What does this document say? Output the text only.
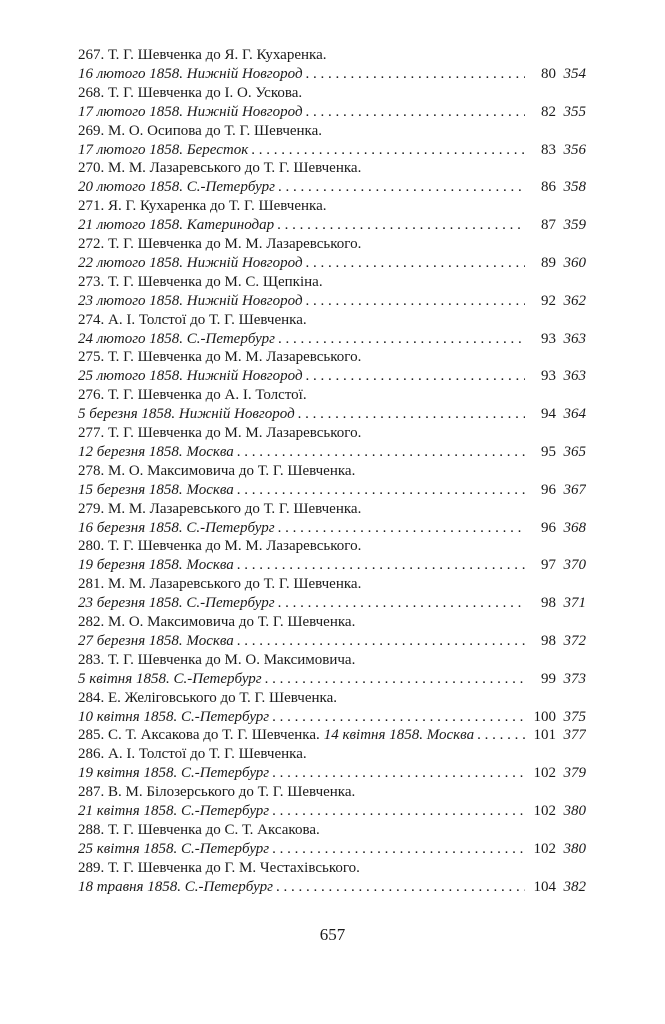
267. Т. Г. Шевченка до Я. Г. Кухаренка.
16 лютого 1858. Нижній Новгород . . .	80 354
268. Т. Г. Шевченка до І. О. Ускова.
17 лютого 1858. Нижній Новгород . . .	82 355
269. М. О. Осипова до Т. Г. Шевченка.
17 лютого 1858. Бересток . . .	83 356
270. М. М. Лазаревського до Т. Г. Шевченка.
20 лютого 1858. С.-Петербург . . .	86 358
271. Я. Г. Кухаренка до Т. Г. Шевченка.
21 лютого 1858. Катеринодар . . .	87 359
272. Т. Г. Шевченка до М. М. Лазаревського.
22 лютого 1858. Нижній Новгород . . .	89 360
273. Т. Г. Шевченка до М. С. Щепкіна.
23 лютого 1858. Нижній Новгород . . .	92 362
274. А. І. Толстої до Т. Г. Шевченка.
24 лютого 1858. С.-Петербург . . .	93 363
275. Т. Г. Шевченка до М. М. Лазаревського.
25 лютого 1858. Нижній Новгород . . .	93 363
276. Т. Г. Шевченка до А. І. Толстої.
5 березня 1858. Нижній Новгород . . .	94 364
277. Т. Г. Шевченка до М. М. Лазаревського.
12 березня 1858. Москва . . .	95 365
278. М. О. Максимовича до Т. Г. Шевченка.
15 березня 1858. Москва . . .	96 367
279. М. М. Лазаревського до Т. Г. Шевченка.
16 березня 1858. С.-Петербург . . .	96 368
280. Т. Г. Шевченка до М. М. Лазаревського.
19 березня 1858. Москва . . .	97 370
281. М. М. Лазаревського до Т. Г. Шевченка.
23 березня 1858. С.-Петербург . . .	98 371
282. М. О. Максимовича до Т. Г. Шевченка.
27 березня 1858. Москва . . .	98 372
283. Т. Г. Шевченка до М. О. Максимовича.
5 квітня 1858. С.-Петербург . . .	99 373
284. Е. Желіговського до Т. Г. Шевченка.
10 квітня 1858. С.-Петербург . . .	100 375
285. С. Т. Аксакова до Т. Г. Шевченка. 14 квітня 1858. Москва . . .	101 377
286. А. І. Толстої до Т. Г. Шевченка.
19 квітня 1858. С.-Петербург . . .	102 379
287. В. М. Білозерського до Т. Г. Шевченка.
21 квітня 1858. С.-Петербург . . .	102 380
288. Т. Г. Шевченка до С. Т. Аксакова.
25 квітня 1858. С.-Петербург . . .	102 380
289. Т. Г. Шевченка до Г. М. Честахівського.
18 травня 1858. С.-Петербург . . .	104 382
657
